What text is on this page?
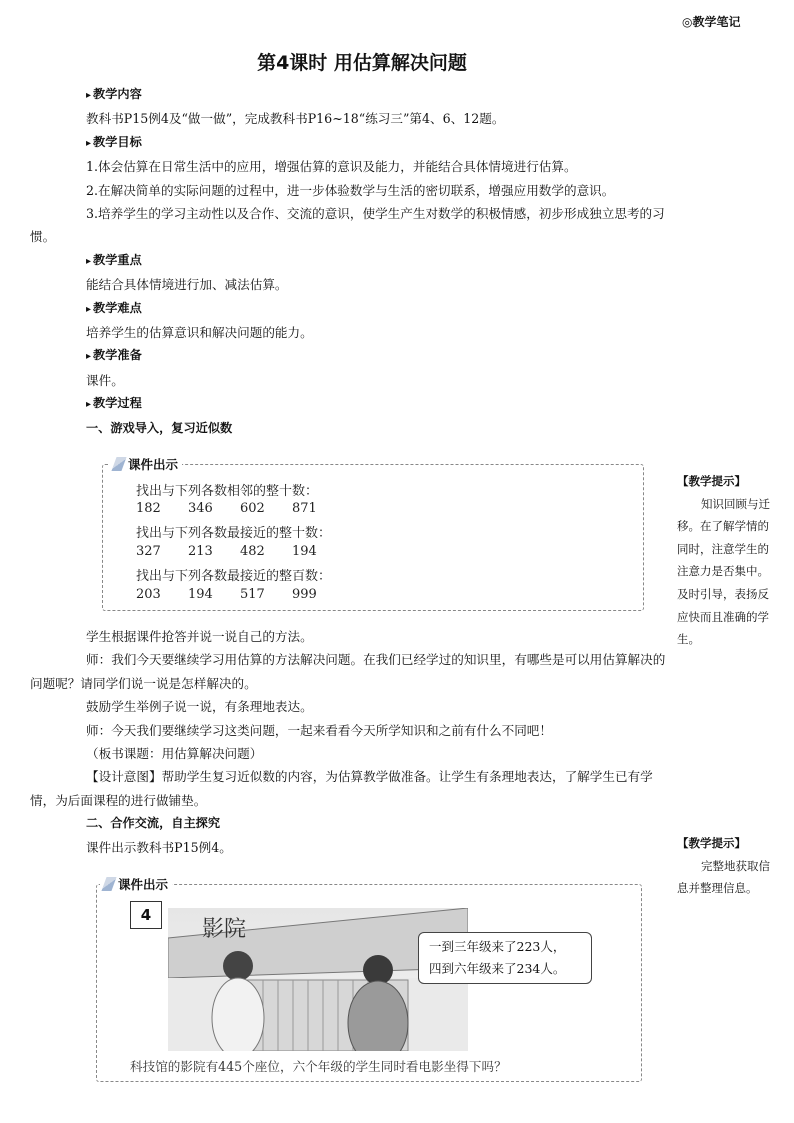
◎教学笔记
第4课时 用估算解决问题
▸ 教学内容
教科书P15例4及“做一做”，完成教科书P16~18“练习三”第4、6、12题。
▸ 教学目标
1.体会估算在日常生活中的应用，增强估算的意识及能力，并能结合具体情境进行估算。
2.在解决简单的实际问题的过程中，进一步体验数学与生活的密切联系，增强应用数学的意识。
3.培养学生的学习主动性以及合作、交流的意识，使学生产生对数学的积极情感，初步形成独立思考的习惯。
▸ 教学重点
能结合具体情境进行加、减法估算。
▸ 教学难点
培养学生的估算意识和解决问题的能力。
▸ 教学准备
课件。
▸ 教学过程
一、游戏导入，复习近似数
课件出示
找出与下列各数相邻的整十数：
182 346 602 871
找出与下列各数最接近的整十数：
327 213 482 194
找出与下列各数最接近的整百数：
203 194 517 999
学生根据课件抢答并说一说自己的方法。
师：我们今天要继续学习用估算的方法解决问题。在我们已经学过的知识里，有哪些是可以用估算解决的问题呢？请同学们说一说是怎样解决的。
鼓励学生举例子说一说，有条理地表达。
师：今天我们要继续学习这类问题，一起来看看今天所学知识和之前有什么不同吧！
（板书课题：用估算解决问题）
【设计意图】帮助学生复习近似数的内容，为估算教学做准备。让学生有条理地表达，了解学生已有学情，为后面课程的进行做铺垫。
二、合作交流，自主探究
课件出示教科书P15例4。
课件出示
4
影院
一到三年级来了223人，
四到六年级来了234人。
科技馆的影院有445个座位，六个年级的学生同时看电影坐得下吗？
【教学提示】
知识回顾与迁移。在了解学情的同时，注意学生的注意力是否集中。及时引导，表扬反应快而且准确的学生。
【教学提示】
完整地获取信息并整理信息。
